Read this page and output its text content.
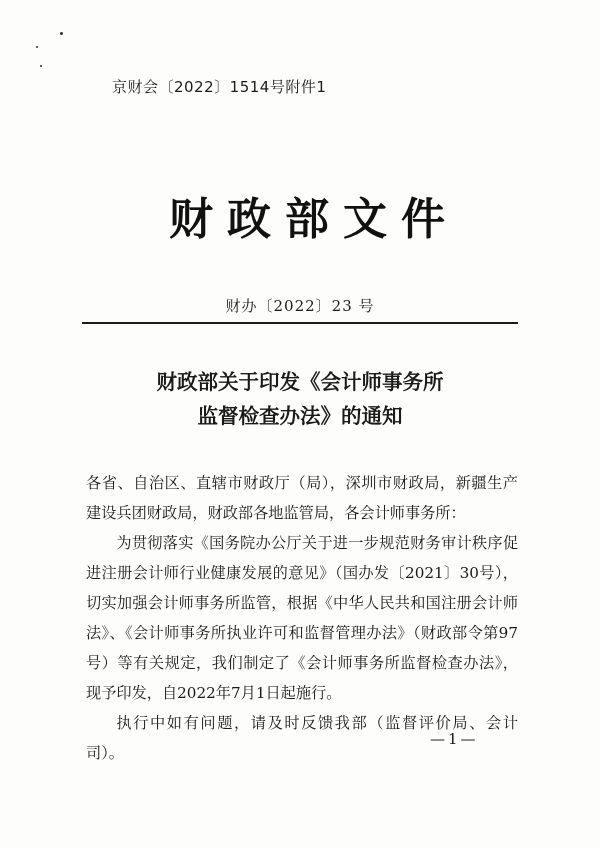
京财会〔2022〕1514号附件1
财政部文件
财办〔2022〕23 号
财政部关于印发《会计师事务所
监督检查办法》的通知

各省、自治区、直辖市财政厅（局），深圳市财政局，新疆生产建设兵团财政局，财政部各地监管局，各会计师事务所：

为贯彻落实《国务院办公厅关于进一步规范财务审计秩序促进注册会计师行业健康发展的意见》（国办发〔2021〕30号），切实加强会计师事务所监管，根据《中华人民共和国注册会计师法》、《会计师事务所执业许可和监督管理办法》（财政部令第97号）等有关规定，我们制定了《会计师事务所监督检查办法》，现予印发，自2022年7月1日起施行。

执行中如有问题，请及时反馈我部（监督评价局、会计司）。

—1—
